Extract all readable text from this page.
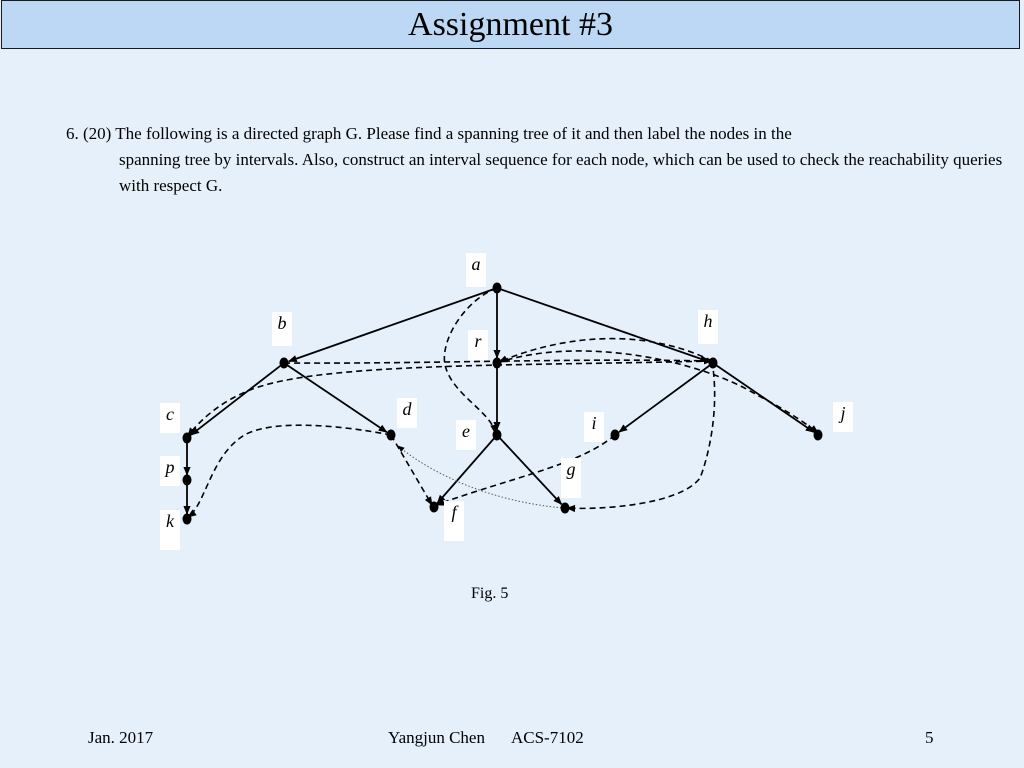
Assignment #3
6. (20) The following is a directed graph G. Please find a spanning tree of it and then label the nodes in the
spanning tree by intervals. Also, construct an interval sequence for each node, which can be used to check the reachability queries with respect G.
a
b
r
h
c	d
e	i	j
p	g
f
k
Fig. 5
Jan. 2017	Yangjun Chen ACS-7102	5
